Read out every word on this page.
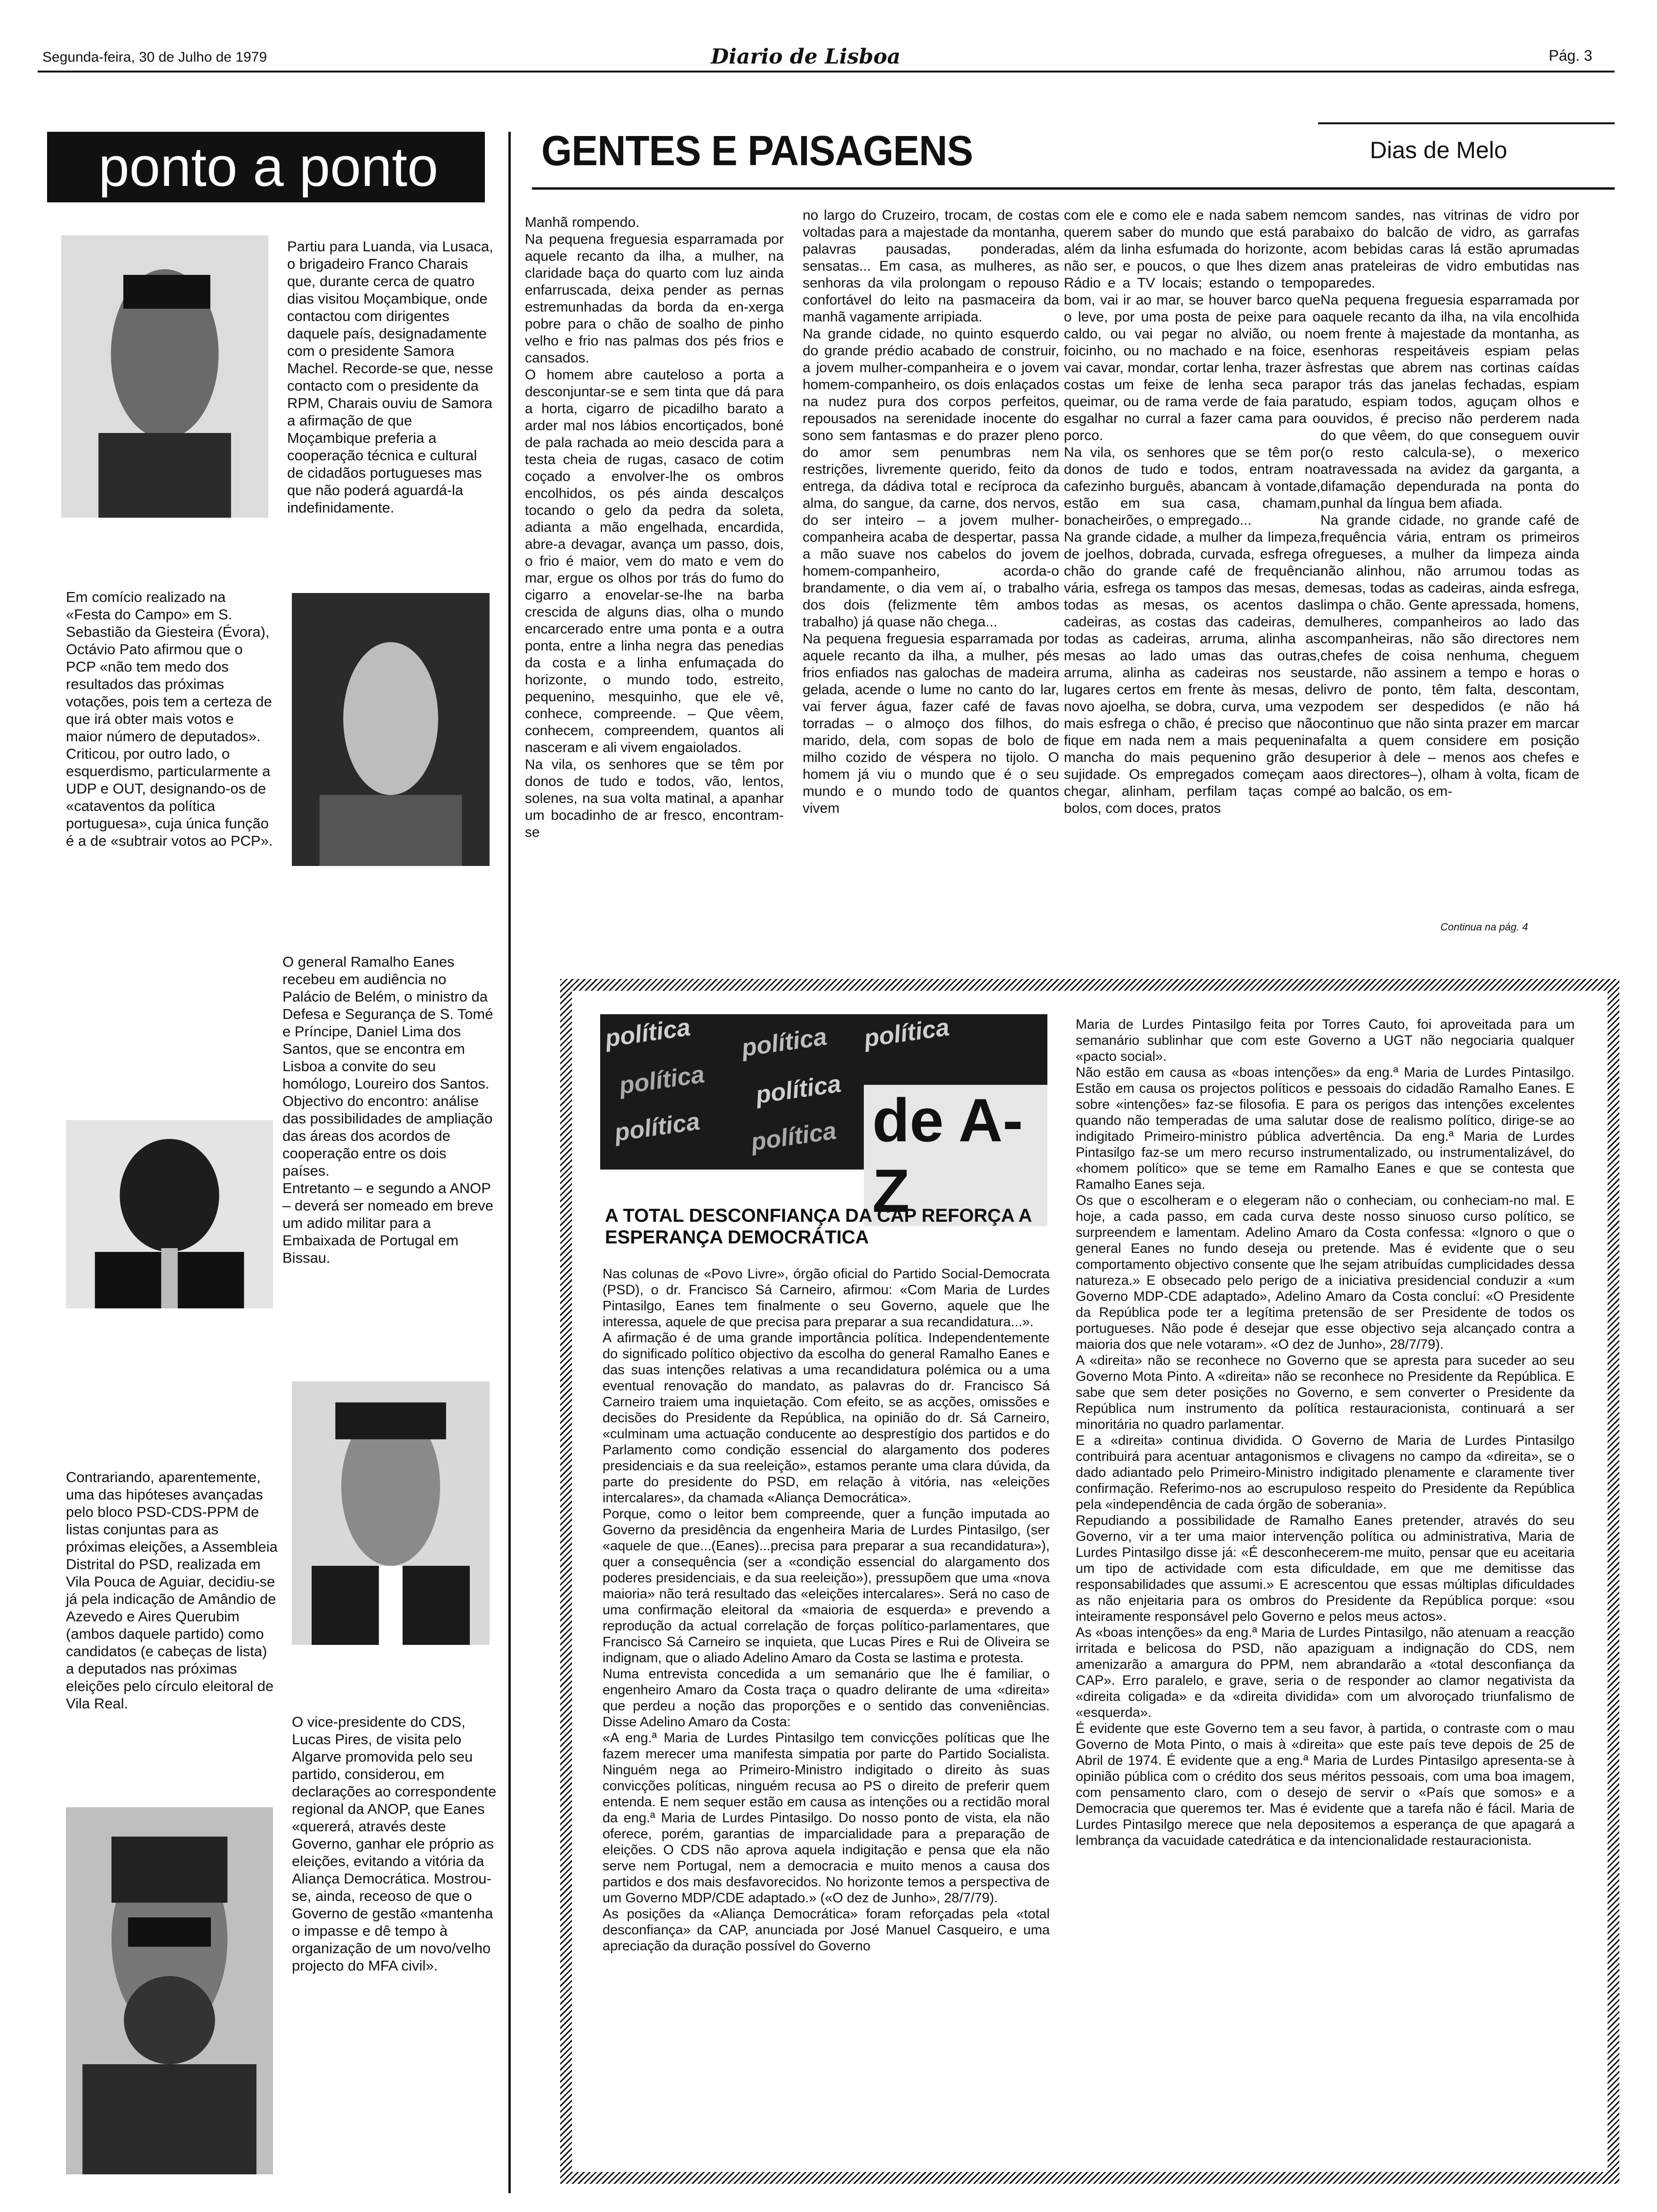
Segunda-feira, 30 de Julho de 1979	Diario de Lisboa	Pág. 3
ponto a ponto

Partiu para Luanda, via Lusaca, o brigadeiro Franco Charais que, durante cerca de quatro dias visitou Moçambique, onde contactou com dirigentes daquele país, designadamente com o presidente Samora Machel. Recorde-se que, nesse contacto com o presidente da RPM, Charais ouviu de Samora a afirmação de que Moçambique preferia a cooperação técnica e cultural de cidadãos portugueses mas que não poderá aguardá-la indefinidamente.

Em comício realizado na «Festa do Campo» em S. Sebastião da Giesteira (Évora), Octávio Pato afirmou que o PCP «não tem medo dos resultados das próximas votações, pois tem a certeza de que irá obter mais votos e maior número de deputados». Criticou, por outro lado, o esquerdismo, particularmente a UDP e OUT, designando-os de «cataventos da política portuguesa», cuja única função é a de «subtrair votos ao PCP».

O general Ramalho Eanes recebeu em audiência no Palácio de Belém, o ministro da Defesa e Segurança de S. Tomé e Príncipe, Daniel Lima dos Santos, que se encontra em Lisboa a convite do seu homólogo, Loureiro dos Santos. Objectivo do encontro: análise das possibilidades de ampliação das áreas dos acordos de cooperação entre os dois países.
Entretanto – e segundo a ANOP – deverá ser nomeado em breve um adido militar para a Embaixada de Portugal em Bissau.

Contrariando, aparentemente, uma das hipóteses avançadas pelo bloco PSD-CDS-PPM de listas conjuntas para as próximas eleições, a Assembleia Distrital do PSD, realizada em Vila Pouca de Aguiar, decidiu-se já pela indicação de Amândio de Azevedo e Aires Querubim (ambos daquele partido) como candidatos (e cabeças de lista) a deputados nas próximas eleições pelo círculo eleitoral de Vila Real.

O vice-presidente do CDS, Lucas Pires, de visita pelo Algarve promovida pelo seu partido, considerou, em declarações ao correspondente regional da ANOP, que Eanes «quererá, através deste Governo, ganhar ele próprio as eleições, evitando a vitória da Aliança Democrática. Mostrou-se, ainda, receoso de que o Governo de gestão «mantenha o impasse e dê tempo à organização de um novo/velho projecto do MFA civil».

GENTES E PAISAGENS	Dias de Melo

Manhã rompendo.
Na pequena freguesia esparramada por aquele recanto da ilha, a mulher, na claridade baça do quarto com luz ainda enfarruscada, deixa pender as pernas estremunhadas da borda da en-xerga pobre para o chão de soalho de pinho velho e frio nas palmas dos pés frios e cansados.
O homem abre cauteloso a porta a desconjuntar-se e sem tinta que dá para a horta, cigarro de picadilho barato a arder mal nos lábios encortiçados, boné de pala rachada ao meio descida para a testa cheia de rugas, casaco de cotim coçado a envolver-lhe os ombros encolhidos, os pés ainda descalços tocando o gelo da pedra da soleta, adianta a mão engelhada, encardida, abre-a devagar, avança um passo, dois, o frio é maior, vem do mato e vem do mar, ergue os olhos por trás do fumo do cigarro a enovelar-se-lhe na barba crescida de alguns dias, olha o mundo encarcerado entre uma ponta e a outra ponta, entre a linha negra das penedias da costa e a linha enfumaçada do horizonte, o mundo todo, estreito, pequenino, mesquinho, que ele vê, conhece, compreende. – Que vêem, conhecem, compreendem, quantos ali nasceram e ali vivem engaiolados.
Na vila, os senhores que se têm por donos de tudo e todos, vão, lentos, solenes, na sua volta matinal, a apanhar um bocadinho de ar fresco, encontram-se

no largo do Cruzeiro, trocam, de costas voltadas para a majestade da montanha, palavras pausadas, ponderadas, sensatas... Em casa, as mulheres, as senhoras da vila prolongam o repouso confortável do leito na pasmaceira da manhã vagamente arripiada.
Na grande cidade, no quinto esquerdo do grande prédio acabado de construir, a jovem mulher-companheira e o jovem homem-companheiro, os dois enlaçados na nudez pura dos corpos perfeitos, repousados na serenidade inocente do sono sem fantasmas e do prazer pleno do amor sem penumbras nem restrições, livremente querido, feito da entrega, da dádiva total e recíproca da alma, do sangue, da carne, dos nervos, do ser inteiro – a jovem mulher-companheira acaba de despertar, passa a mão suave nos cabelos do jovem homem-companheiro, acorda-o brandamente, o dia vem aí, o trabalho dos dois (felizmente têm ambos trabalho) já quase não chega...
Na pequena freguesia esparramada por aquele recanto da ilha, a mulher, pés frios enfiados nas galochas de madeira gelada, acende o lume no canto do lar, vai ferver água, fazer café de favas torradas – o almoço dos filhos, do marido, dela, com sopas de bolo de milho cozido de véspera no tijolo. O homem já viu o mundo que é o seu mundo e o mundo todo de quantos vivem

com ele e como ele e nada sabem nem querem saber do mundo que está para além da linha esfumada do horizonte, a não ser, e poucos, o que lhes dizem a Rádio e a TV locais; estando o tempo bom, vai ir ao mar, se houver barco que o leve, por uma posta de peixe para o caldo, ou vai pegar no alvião, ou no foicinho, ou no machado e na foice, e vai cavar, mondar, cortar lenha, trazer às costas um feixe de lenha seca para queimar, ou de rama verde de faia para esgalhar no curral a fazer cama para o porco.
Na vila, os senhores que se têm por donos de tudo e todos, entram no cafezinho burguês, abancam à vontade, estão em sua casa, chamam, bonacheirões, o empregado...
Na grande cidade, a mulher da limpeza, de joelhos, dobrada, curvada, esfrega o chão do grande café de frequência vária, esfrega os tampos das mesas, de todas as mesas, os acentos das cadeiras, as costas das cadeiras, de todas as cadeiras, arruma, alinha as mesas ao lado umas das outras, arruma, alinha as cadeiras nos seus lugares certos em frente às mesas, de novo ajoelha, se dobra, curva, uma vez mais esfrega o chão, é preciso que não fique em nada nem a mais pequenina mancha do mais pequenino grão de sujidade. Os empregados começam a chegar, alinham, perfilam taças com bolos, com doces, pratos

com sandes, nas vitrinas de vidro por baixo do balcão de vidro, as garrafas com bebidas caras lá estão aprumadas nas prateleiras de vidro embutidas nas paredes.
Na pequena freguesia esparramada por aquele recanto da ilha, na vila encolhida em frente à majestade da montanha, as senhoras respeitáveis espiam pelas frestas que abrem nas cortinas caídas por trás das janelas fechadas, espiam tudo, espiam todos, aguçam olhos e ouvidos, é preciso não perderem nada do que vêem, do que conseguem ouvir (o resto calcula-se), o mexerico atravessada na avidez da garganta, a difamação dependurada na ponta do punhal da língua bem afiada.
Na grande cidade, no grande café de frequência vária, entram os primeiros fregueses, a mulher da limpeza ainda não alinhou, não arrumou todas as mesas, todas as cadeiras, ainda esfrega, limpa o chão. Gente apressada, homens, mulheres, companheiros ao lado das companheiras, não são directores nem chefes de coisa nenhuma, cheguem tarde, não assinem a tempo e horas o livro de ponto, têm falta, descontam, podem ser despedidos (e não há continuo que não sinta prazer em marcar falta a quem considere em posição superior à dele – menos aos chefes e aos directores–), olham à volta, ficam de pé ao balcão, os em-

Continua na pág. 4
política política política
política política
política política de A-Z
A TOTAL DESCONFIANÇA DA CAP REFORÇA A ESPERANÇA DEMOCRÁTICA

Nas colunas de «Povo Livre», órgão oficial do Partido Social-Democrata (PSD), o dr. Francisco Sá Carneiro, afirmou: «Com Maria de Lurdes Pintasilgo, Eanes tem finalmente o seu Governo, aquele que lhe interessa, aquele de que precisa para preparar a sua recandidatura...».
A afirmação é de uma grande importância política. Independentemente do significado político objectivo da escolha do general Ramalho Eanes e das suas intenções relativas a uma recandidatura polémica ou a uma eventual renovação do mandato, as palavras do dr. Francisco Sá Carneiro traiem uma inquietação. Com efeito, se as acções, omissões e decisões do Presidente da República, na opinião do dr. Sá Carneiro, «culminam uma actuação conducente ao desprestígio dos partidos e do Parlamento como condição essencial do alargamento dos poderes presidenciais e da sua reeleição», estamos perante uma clara dúvida, da parte do presidente do PSD, em relação à vitória, nas «eleições intercalares», da chamada «Aliança Democrática».
Porque, como o leitor bem compreende, quer a função imputada ao Governo da presidência da engenheira Maria de Lurdes Pintasilgo, (ser «aquele de que...(Eanes)...precisa para preparar a sua recandidatura»), quer a consequência (ser a «condição essencial do alargamento dos poderes presidenciais, e da sua reeleição»), pressupõem que uma «nova maioria» não terá resultado das «eleições intercalares». Será no caso de uma confirmação eleitoral da «maioria de esquerda» e prevendo a reprodução da actual correlação de forças político-parlamentares, que Francisco Sá Carneiro se inquieta, que Lucas Pires e Rui de Oliveira se indignam, que o aliado Adelino Amaro da Costa se lastima e protesta.
Numa entrevista concedida a um semanário que lhe é familiar, o engenheiro Amaro da Costa traça o quadro delirante de uma «direita» que perdeu a noção das proporções e o sentido das conveniências. Disse Adelino Amaro da Costa:
«A eng.ª Maria de Lurdes Pintasilgo tem convicções políticas que lhe fazem merecer uma manifesta simpatia por parte do Partido Socialista. Ninguém nega ao Primeiro-Ministro indigitado o direito às suas convicções políticas, ninguém recusa ao PS o direito de preferir quem entenda. E nem sequer estão em causa as intenções ou a rectidão moral da eng.ª Maria de Lurdes Pintasilgo. Do nosso ponto de vista, ela não oferece, porém, garantias de imparcialidade para a preparação de eleições. O CDS não aprova aquela indigitação e pensa que ela não serve nem Portugal, nem a democracia e muito menos a causa dos partidos e dos mais desfavorecidos. No horizonte temos a perspectiva de um Governo MDP/CDE adaptado.» («O dez de Junho», 28/7/79).
As posições da «Aliança Democrática» foram reforçadas pela «total desconfiança» da CAP, anunciada por José Manuel Casqueiro, e uma apreciação da duração possível do Governo

Maria de Lurdes Pintasilgo feita por Torres Cauto, foi aproveitada para um semanário sublinhar que com este Governo a UGT não negociaria qualquer «pacto social».
Não estão em causa as «boas intenções» da eng.ª Maria de Lurdes Pintasilgo. Estão em causa os projectos políticos e pessoais do cidadão Ramalho Eanes. E sobre «intenções» faz-se filosofia. E para os perigos das intenções excelentes quando não temperadas de uma salutar dose de realismo político, dirige-se ao indigitado Primeiro-ministro pública advertência. Da eng.ª Maria de Lurdes Pintasilgo faz-se um mero recurso instrumentalizado, ou instrumentalizável, do «homem político» que se teme em Ramalho Eanes e que se contesta que Ramalho Eanes seja.
Os que o escolheram e o elegeram não o conheciam, ou conheciam-no mal. E hoje, a cada passo, em cada curva deste nosso sinuoso curso político, se surpreendem e lamentam. Adelino Amaro da Costa confessa: «Ignoro o que o general Eanes no fundo deseja ou pretende. Mas é evidente que o seu comportamento objectivo consente que lhe sejam atribuídas cumplicidades dessa natureza.» E obsecado pelo perigo de a iniciativa presidencial conduzir a «um Governo MDP-CDE adaptado», Adelino Amaro da Costa concluí: «O Presidente da República pode ter a legítima pretensão de ser Presidente de todos os portugueses. Não pode é desejar que esse objectivo seja alcançado contra a maioria dos que nele votaram». «O dez de Junho», 28/7/79).
A «direita» não se reconhece no Governo que se apresta para suceder ao seu Governo Mota Pinto. A «direita» não se reconhece no Presidente da República. E sabe que sem deter posições no Governo, e sem converter o Presidente da República num instrumento da política restauracionista, continuará a ser minoritária no quadro parlamentar.
E a «direita» continua dividida. O Governo de Maria de Lurdes Pintasilgo contribuirá para acentuar antagonismos e clivagens no campo da «direita», se o dado adiantado pelo Primeiro-Ministro indigitado plenamente e claramente tiver confirmação. Referimo-nos ao escrupuloso respeito do Presidente da República pela «independência de cada órgão de soberania».
Repudiando a possibilidade de Ramalho Eanes pretender, através do seu Governo, vir a ter uma maior intervenção política ou administrativa, Maria de Lurdes Pintasilgo disse já: «É desconhecerem-me muito, pensar que eu aceitaria um tipo de actividade com esta dificuldade, em que me demitisse das responsabilidades que assumi.» E acrescentou que essas múltiplas dificuldades as não enjeitaria para os ombros do Presidente da República porque: «sou inteiramente responsável pelo Governo e pelos meus actos».
As «boas intenções» da eng.ª Maria de Lurdes Pintasilgo, não atenuam a reacção irritada e belicosa do PSD, não apaziguam a indignação do CDS, nem amenizarão a amargura do PPM, nem abrandarão a «total desconfiança da CAP». Erro paralelo, e grave, seria o de responder ao clamor negativista da «direita coligada» e da «direita dividida» com um alvoroçado triunfalismo de «esquerda».
É evidente que este Governo tem a seu favor, à partida, o contraste com o mau Governo de Mota Pinto, o mais à «direita» que este país teve depois de 25 de Abril de 1974. É evidente que a eng.ª Maria de Lurdes Pintasilgo apresenta-se à opinião pública com o crédito dos seus méritos pessoais, com uma boa imagem, com pensamento claro, com o desejo de servir o «País que somos» e a Democracia que queremos ter. Mas é evidente que a tarefa não é fácil. Maria de Lurdes Pintasilgo merece que nela depositemos a esperança de que apagará a lembrança da vacuidade catedrática e da intencionalidade restauracionista.
